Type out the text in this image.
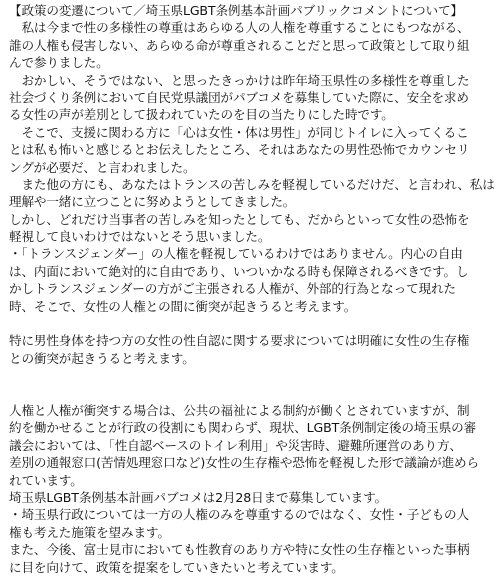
【政策の変遷について／埼玉県LGBT条例基本計画パブリックコメントについて】
　私は今まで性の多様性の尊重はあらゆる人の人権を尊重することにもつながる、
誰の人権も侵害しない、あらゆる命が尊重されることだと思って政策として取り組
んで参りました。
　おかしい、そうではない、と思ったきっかけは昨年埼玉県性の多様性を尊重した
社会づくり条例において自民党県議団がパブコメを募集していた際に、安全を求め
る女性の声が差別として扱われていたのを目の当たりにした時です。
　そこで、支援に関わる方に「心は女性・体は男性」が同じトイレに入ってくるこ
とは私も怖いと感じるとお伝えしたところ、それはあなたの男性恐怖でカウンセリ
ングが必要だ、と言われました。
　また他の方にも、あなたはトランスの苦しみを軽視しているだけだ、と言われ、私は
理解や一緒に立つことに努めようとしてきました。
しかし、どれだけ当事者の苦しみを知ったとしても、だからといって女性の恐怖を
軽視して良いわけではないとそう思いました。
・「トランスジェンダー」の人権を軽視しているわけではありません。内心の自由
は、内面において絶対的に自由であり、いついかなる時も保障されるべきです。し
かしトランスジェンダーの方がご主張される人権が、外部的行為となって現れた
時、そこで、女性の人権との間に衝突が起きうると考えます。
特に男性身体を持つ方の女性の性自認に関する要求については明確に女性の生存権
との衝突が起きうると考えます。
人権と人権が衝突する場合は、公共の福祉による制約が働くとされていますが、制
約を働かせることが行政の役割にも関わらず、現状、LGBT条例制定後の埼玉県の審
議会においては、「性自認ベースのトイレ利用」や災害時、避難所運営のあり方、
差別の通報窓口(苦情処理窓口など)女性の生存権や恐怖を軽視した形で議論が進めら
れています。
埼玉県LGBT条例基本計画パブコメは2月28日まで募集しています。
・埼玉県行政については一方の人権のみを尊重するのではなく、女性・子どもの人
権も考えた施策を望みます。
また、今後、富士見市においても性教育のあり方や特に女性の生存権といった事柄
に目を向けて、政策を提案をしていきたいと考えています。
